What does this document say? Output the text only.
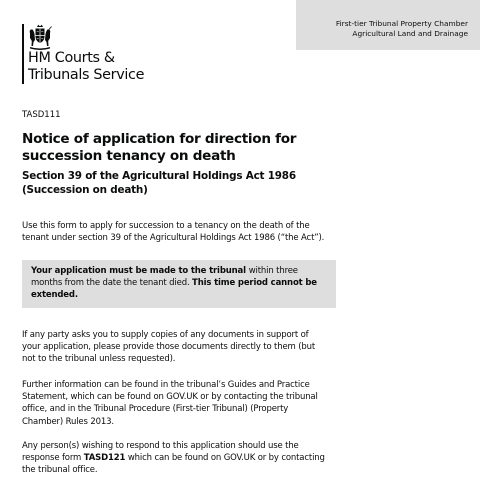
First-tier Tribunal Property Chamber
Agricultural Land and Drainage
HM Courts &
Tribunals Service
TASD111
Notice of application for direction for
succession tenancy on death
Section 39 of the Agricultural Holdings Act 1986
(Succession on death)

Use this form to apply for succession to a tenancy on the death of the
tenant under section 39 of the Agricultural Holdings Act 1986 (“the Act”).

Your application must be made to the tribunal within three months from the date the tenant died. This time period cannot be extended.

If any party asks you to supply copies of any documents in support of
your application, please provide those documents directly to them (but
not to the tribunal unless requested).

Further information can be found in the tribunal’s Guides and Practice
Statement, which can be found on GOV.UK or by contacting the tribunal
office, and in the Tribunal Procedure (First-tier Tribunal) (Property
Chamber) Rules 2013.

Any person(s) wishing to respond to this application should use the
response form TASD121 which can be found on GOV.UK or by contacting
the tribunal office.
